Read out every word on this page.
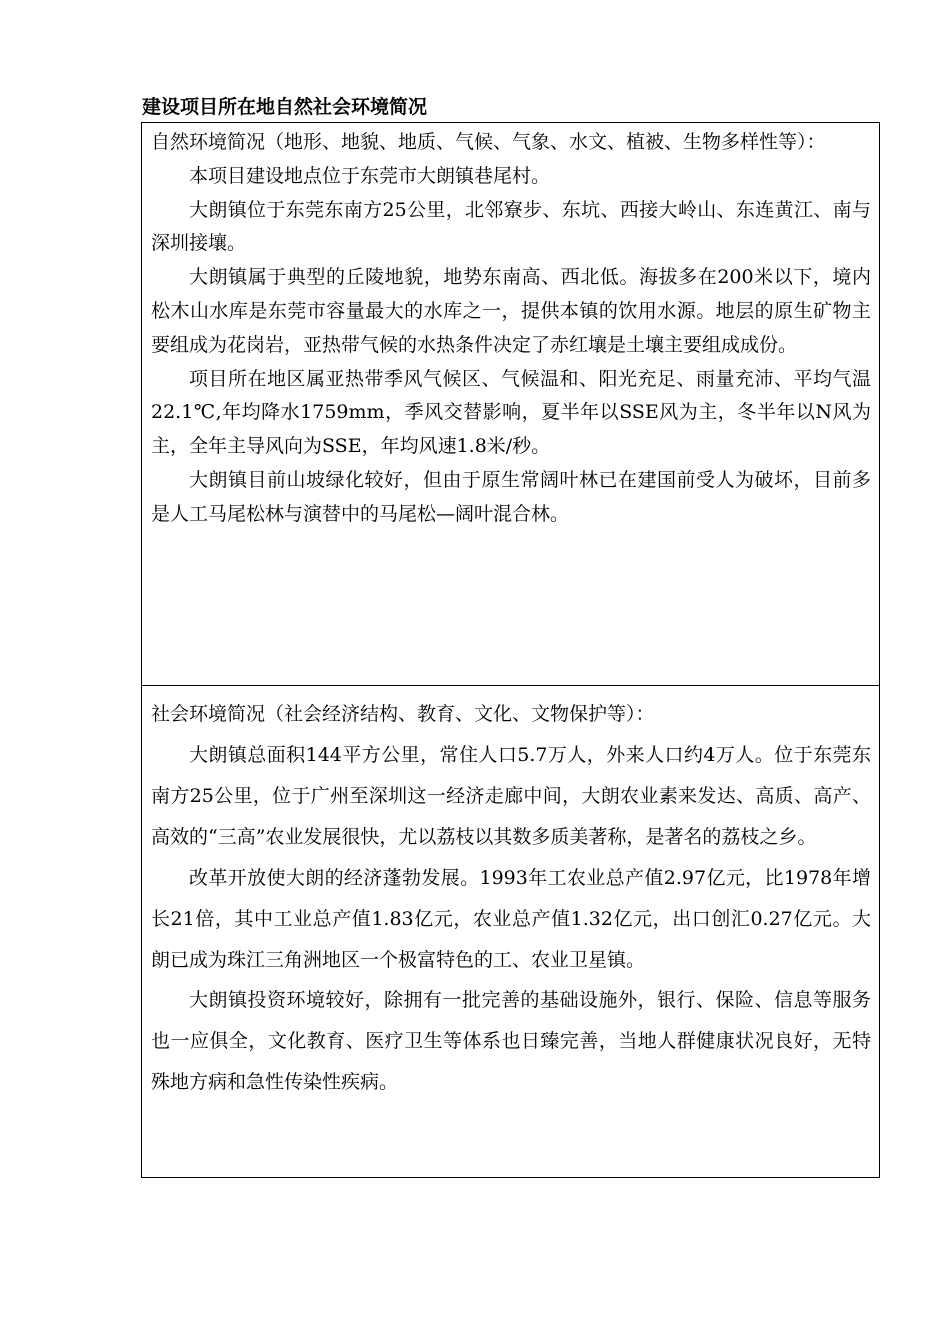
建设项目所在地自然社会环境简况

自然环境简况（地形、地貌、地质、气候、气象、水文、植被、生物多样性等）：

本项目建设地点位于东莞市大朗镇巷尾村。

大朗镇位于东莞东南方25公里，北邻寮步、东坑、西接大岭山、东连黄江、南与深圳接壤。

大朗镇属于典型的丘陵地貌，地势东南高、西北低。海拔多在200米以下，境内松木山水库是东莞市容量最大的水库之一，提供本镇的饮用水源。地层的原生矿物主要组成为花岗岩，亚热带气候的水热条件决定了赤红壤是土壤主要组成成份。

项目所在地区属亚热带季风气候区、气候温和、阳光充足、雨量充沛、平均气温22.1℃,年均降水1759mm，季风交替影响，夏半年以SSE风为主，冬半年以N风为主，全年主导风向为SSE，年均风速1.8米/秒。

大朗镇目前山坡绿化较好，但由于原生常阔叶林已在建国前受人为破坏，目前多是人工马尾松林与演替中的马尾松—阔叶混合林。

社会环境简况（社会经济结构、教育、文化、文物保护等）：

大朗镇总面积144平方公里，常住人口5.7万人，外来人口约4万人。位于东莞东南方25公里，位于广州至深圳这一经济走廊中间，大朗农业素来发达、高质、高产、高效的“三高”农业发展很快，尤以荔枝以其数多质美著称，是著名的荔枝之乡。

改革开放使大朗的经济蓬勃发展。1993年工农业总产值2.97亿元，比1978年增长21倍，其中工业总产值1.83亿元，农业总产值1.32亿元，出口创汇0.27亿元。大朗已成为珠江三角洲地区一个极富特色的工、农业卫星镇。

大朗镇投资环境较好，除拥有一批完善的基础设施外，银行、保险、信息等服务也一应俱全，文化教育、医疗卫生等体系也日臻完善，当地人群健康状况良好，无特殊地方病和急性传染性疾病。
